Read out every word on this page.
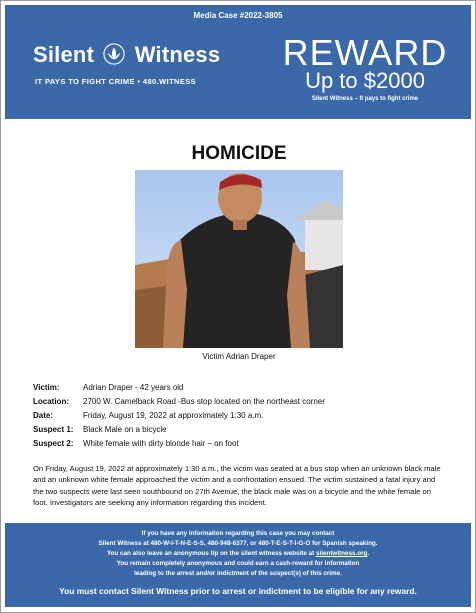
Media Case #2022-3805
Silent Witness
IT PAYS TO FIGHT CRIME • 480.WITNESS
REWARD
Up to $2000
Silent Witness – It pays to fight crime
HOMICIDE
Victim Adrian Draper
Victim:	Adrian Draper - 42 years old
Location: 2700 W. Camelback Road -Bus stop located on the northeast corner
Date:	Friday, August 19, 2022 at approximately 1:30 a.m.
Suspect 1: Black Male on a bicycle
Suspect 2: White female with dirty blonde hair – on foot
On Friday, August 19, 2022 at approximately 1:30 a.m., the victim was seated at a bus stop when an unknown black male and an unknown white female approached the victim and a confrontation ensued. The victim sustained a fatal injury and the two suspects were last seen southbound on 27th Avenue, the black male was on a bicycle and the white female on foot. Investigators are seeking any information regarding this incident.
If you have any information regarding this case you may contact
Silent Witness at 480-W-I-T-N-E-S-S, 480-948-6377, or 480-T-E-S-T-I-G-O for Spanish speaking.
You can also leave an anonymous tip on the silent witness website at silentwitness.org.
You remain completely anonymous and could earn a cash-reward for information
leading to the arrest and/or indictment of the suspect(s) of this crime.
You must contact Silent Witness prior to arrest or indictment to be eligible for any reward.
